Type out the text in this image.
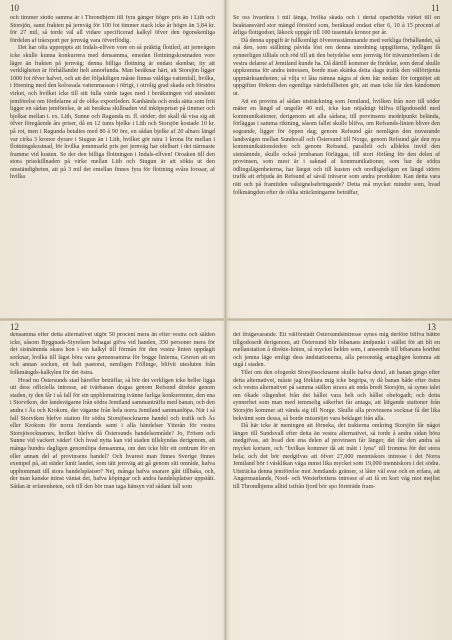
10	11
12	13

och timmer stodo samma år i Throndhjem till fyra gånger högre pris än i Lith och Storsjön, samt frakten på jernväg för 100 fot timmer stack icke år högre än 3,84 kr. för 27 mil, så torde väl all vidare specificerad kalkyl öfver den ögonskenliga fördelen af tråexport per jernväg vara öfverflödig.

Det har ofta uppreppts att Indals-elfven vore en så präktig flottled, att jernvägen icke skulle kunna konkurrera med densamma, emedan flottningskostnaden vore lägre än frakten på jernväg; denna billiga flottning är endast skenbar, ity att verkligheten är förhållandet helt annorlunda. Man beräknar härt, att Storsjön ligger 1000 fot öfver hafvet, och att det följaktligen måste finnas väldiga vattenfall, hvilka, i förening med den kolossala vattenmassan i öfrigt, i otrolig grad skada och förstöra virket, och hvilket icke till sitt fulla värde tages med i beräkningen vid uteslutet jemförelse om fördelarne af de olika exportleden. Kanhända och enda sätta som fritt ligger en sådan jemförelse, är att beräkna skillnaden vid inköpspriset på timmer och bjelkar mellan t. ex. Lith, Sunne och Ragunda m. fl. stöder; det skall då visa sig att öfver föregående års priser, då en 12 tums bjelke i Lith och Storsjön kostade 10 kr. på rot, men i Ragunda betaltes med 80 å 90 öre, en sådan bjelke af 20 alnars längd var cirka 3 kronor dyrare i Stugun än i Lith, hvilket gör nära 1 krona för mellan i flottningskostnad, för hvilka jemnmarkt pris per jernväg har ofelbart i det närmaste framme vid kusten. Se der den billiga flottningen i Indals-elfven! Oroaken till den stora prisskillnaden på virke mellan Lith och Stugun är att sökta ut den omständigheten, att på 3 mil det emellan finnes fyra för flottning svåra forssar, af hvilka

Se oss hvardera i mil långa, hvilka skada och i dertal oparhöfda virket till en beaktansvärd stor mängd förstörd som, beräknad endast efter 6, 10 à 15 procent af årliga flottgodset, läkock uppgår till 100 tusentals kronor per år.

Då denna uppgift är fullkomligt öfverensstämmande med verkliga förhållandet, så må den, som ställning påvida löst om denna utredning uppgifterna, tydligen få synnerligen tilltals och röd till att den betydelse som jernväg för trävarurörelsen i de vestra delarne af Jemtland kunde ha. Då därtill kommer de fördelar, som deraf skulle uppkomma för andra intressen, borde man skänka detta slags trafik den välförtjenta uppmärksamheten; så vilja vi låta nämna några af dem här nedan: för torgnöjet att uppgiften förkom den egentliga värdefullheten gör, att man icke får den kändomen ut.

Att en provins af sådan utsträckning som Jemtland, hvilken från norr till söder mäter en längd af ungefär 40 mil, icke kan nöjaktigt bilfva tillgodosedd med kommunikationer, derigenom att alla sådana, till provinsens medelpunkt belända, förläggas i samma riktning, såsom fallet skulle blifva, om Refsunds-linien bliver den sogrande, ligger för öppen dag; genom Refsund går nemligen den nuvarande landsvägen mellan Sundsvall och Östersund till Norge, genom Refsund går den nya kommunikationsleden och genom Refsund, parallelt och alldeles invid den sistnämnde, skulle också jernbanan förläggas, till stort förfång för den delen af provinsen, som mest är i saknad af kommunikationer, som har de södra ödlingslägenheterna, har längst och till kusten och oredligkeligen en längd större trafik att erbjuda än Refsund af såväl trävaror som andra produkter. Kan detta vara rätt och på framtiden välsignelsebringande? Detta må mycket mindre som, hvad folkmängden efter de olika sträckningarne beträffar,

densamma efter detta alternativet utgör 50 procent mera än efter vestra och sälden icke, såsom Byggnads-Styrelsen behagat gifva vid handen, 350 personer mera för det sistnämnda skara hon i sin kalkyl till förmån för den vestra linien uppdagit socknar, hvilka till lägst böra vara gemensamma för bogge linierna, Gruven att en och annan socken, ett halt pastorat, nemligen Föllinge, blifvit utesluten från folkmängds-kalkylen för det östra.

Hvad nu Östersunds stad häreffer beträffar, så bör det verkligen icke heller ligga uti dess officiella intresse, att tvärbanan dragas genom Refsund direkte genom staden, ty den får i så fall för sin uppblomstring tvänne farliga konkurrenter, den ena i Storvikon, der landsvägarne från södra Jemtland sammanträffa med banan, och den andra i Äs och Krokom, der vägarne från hela norra Jemtland sammanlöpa. När i så fall Storviken blefve station för södra Storsjösocknarne handel och trafik och Äs eller Krokom för norra Jemtlands samt i alla händelser Ytterån för vestra Storsjösocknarnes, hvilket blefve då Östersunds handelsområde? Jo, Frösen och Sunne vid vackert väder! Och hvad nytta kan vid staden tillskyndas derigenom, att många hundra dagligen genomlöpa densamma, om den icke blir ett centrum för en eller annan del af provinsens handel? Och hvarest man finnes Sverige finnes exempel på, att städer lunit landet, som tätt jernväg att gå genom sitt område, hafva upphommatt till stora handelsplatser? Nej, många hafva snarare gått tillbaka, och, der man kanske minst väntat det, hafva köpingar och andra handelsplatser uppstått. Sådan är erfarenheten, och till den bör man taga hänsyn vid sådant fall som

det ifrågavarande. Ett välförstådt Östersundsintresse synes mig derföre blifva bättre tillgodosedt derigenom, att Östersund blir bibanans ändpunkt i stället för att bli en mellanstation å direkte-linien, så mycket heldre som, i anseende till bibanans korthet och jemna läge emligt dess ändstationerna, alla personståg antagligen komma att utgå i staden.

Tilet om den ofogenkt Storsjösocknarne skulle hafva deraf, att banan gingo efter detta alternativet, måste jag förklara mig icke begripa, ty då banan både efter östra och vestra alternativet på samma ställen straxs att enda bredt Storsjön, så synes talet om ökade olägenhet från det hållet vara helt och hållet obefogadt; och detta synnerhet som man med temmelig säkerhet får antaga, att läfgande stationer från Storsjön kommer att vända sig till Norge. Skulle alla provinsens socknar få det lika bekvämt som dessa, så borde missnöjet vara beklaget från alla.

Då här icke är meningen att förneka, det trakterna omkring Storsjön får något längre till Sundsvall efter detta än vestra alternativet, så torde å andra sidan böra medgifvas, att hvad den ena delen af provinsen får länger, det får den andra så mycket kortare, och "hvilkas kommer då att mått i lyna" till fromma för det stora hela; och det bör medgifvas att öfver 27,000 menniskors intresse i det Norra Jemtland bör i väsklikan väga mmst lika mycket som 19,000 menniskors i det södra. Utsträcka denna jemförelse mot Jemtlands gränser, si låter väl svar och en erfara, att Angermanlands, Nord- och Westerbottens intresse af att få en kort väg mot mejlist till Throndhjems alltid istfrån fjord bör spo företräde fram-
